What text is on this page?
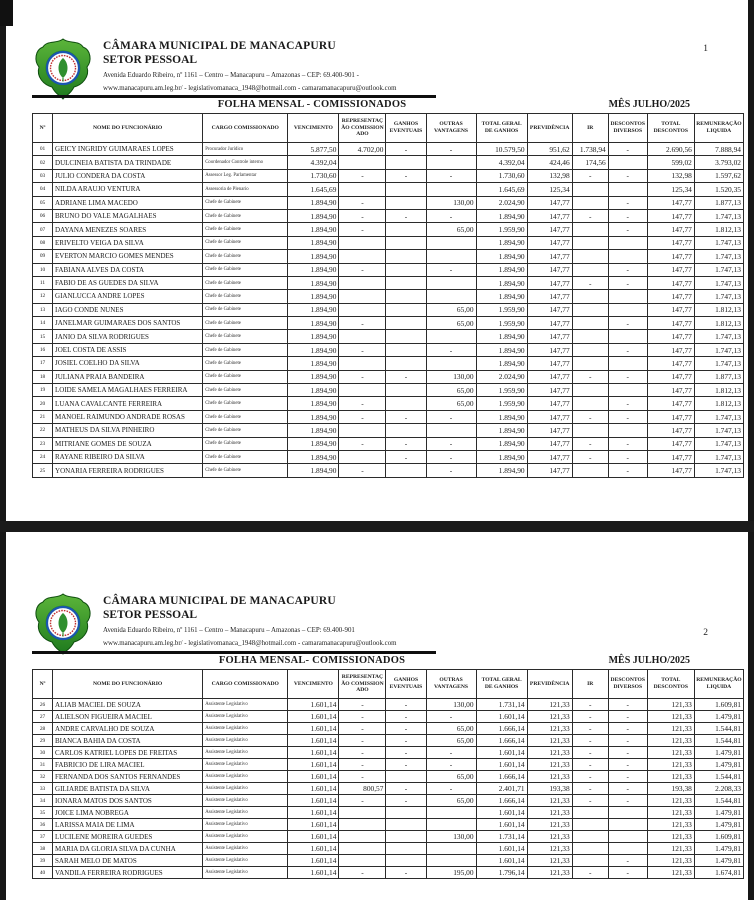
CÂMARA MUNICIPAL DE MANACAPURU
SETOR PESSOAL
Avenida Eduardo Ribeiro, nº 1161 – Centro – Manacapuru – Amazonas – CEP: 69.400-901 -
www.manacapuru.am.leg.br/ - legislativomanaca_1948@hotmail.com - camaramanacapuru@outlook.com
1
FOLHA MENSAL - COMISSIONADOS	MÊS JULHO/2025
Nº	NOME DO FUNCIONÁRIO	CARGO COMISSIONADO	VENCIMENTO	REPRESENTAÇÃO COMISSIONADO	GANHOS EVENTUAIS	OUTRAS VANTAGENS	TOTAL GERAL DE GANHOS	PREVIDÊNCIA	IR	DESCONTOS DIVERSOS	TOTAL DESCONTOS	REMUNERAÇÃO LIQUIDA
01	GEICY INGRIDY GUIMARAES LOPES	Procurador Jurídico	5.877,50	4.702,00	-	-	10.579,50	951,62	1.738,94	-	2.690,56	7.888,94
02	DULCINEIA BATISTA DA TRINDADE	Coordenador Controle interno	4.392,04				4.392,04	424,46	174,56		599,02	3.793,02
03	JULIO CONDERA DA COSTA	Assessor Leg. Parlamentar	1.730,60	-	-	-	1.730,60	132,98	-	-	132,98	1.597,62
04	NILDA ARAUJO VENTURA	Assessoria de Plenario	1.645,69				1.645,69	125,34			125,34	1.520,35
05	ADRIANE LIMA MACEDO	Chefe de Gabinete	1.894,90	-		130,00	2.024,90	147,77		-	147,77	1.877,13
06	BRUNO DO VALE MAGALHAES	Chefe de Gabinete	1.894,90	-	-	-	1.894,90	147,77	-	-	147,77	1.747,13
07	DAYANA MENEZES SOARES	Chefe de Gabinete	1.894,90	-		65,00	1.959,90	147,77		-	147,77	1.812,13
08	ERIVELTO VEIGA DA SILVA	Chefe de Gabinete	1.894,90				1.894,90	147,77			147,77	1.747,13
09	EVERTON MARCIO GOMES MENDES	Chefe de Gabinete	1.894,90				1.894,90	147,77			147,77	1.747,13
10	FABIANA ALVES DA COSTA	Chefe de Gabinete	1.894,90	-		-	1.894,90	147,77		-	147,77	1.747,13
11	FABIO DE AS GUEDES DA SILVA	Chefe de Gabinete	1.894,90				1.894,90	147,77	-	-	147,77	1.747,13
12	GIANLUCCA ANDRE LOPES	Chefe de Gabinete	1.894,90				1.894,90	147,77			147,77	1.747,13
13	IAGO CONDE NUNES	Chefe de Gabinete	1.894,90			65,00	1.959,90	147,77			147,77	1.812,13
14	JANELMAR GUIMARAES DOS SANTOS	Chefe de Gabinete	1.894,90	-		65,00	1.959,90	147,77		-	147,77	1.812,13
15	JANIO DA SILVA RODRIGUES	Chefe de Gabinete	1.894,90				1.894,90	147,77			147,77	1.747,13
16	JOEL COSTA DE ASSIS	Chefe de Gabinete	1.894,90	-		-	1.894,90	147,77		-	147,77	1.747,13
17	JOSIEL COELHO DA SILVA	Chefe de Gabinete	1.894,90				1.894,90	147,77			147,77	1.747,13
18	JULIANA PRAIA BANDEIRA	Chefe de Gabinete	1.894,90	-	-	130,00	2.024,90	147,77	-	-	147,77	1.877,13
19	LOIDE SAMELA MAGALHAES FERREIRA	Chefe de Gabinete	1.894,90			65,00	1.959,90	147,77			147,77	1.812,13
20	LUANA CAVALCANTE FERREIRA	Chefe de Gabinete	1.894,90	-		65,00	1.959,90	147,77		-	147,77	1.812,13
21	MANOEL RAIMUNDO ANDRADE ROSAS	Chefe de Gabinete	1.894,90	-	-	-	1.894,90	147,77	-	-	147,77	1.747,13
22	MATHEUS DA SILVA PINHEIRO	Chefe de Gabinete	1.894,90				1.894,90	147,77			147,77	1.747,13
23	MITRIANE GOMES DE SOUZA	Chefe de Gabinete	1.894,90	-	-	-	1.894,90	147,77	-	-	147,77	1.747,13
24	RAYANE RIBEIRO DA SILVA	Chefe de Gabinete	1.894,90		-	-	1.894,90	147,77	-	-	147,77	1.747,13
25	YONARIA FERREIRA RODRIGUES	Chefe de Gabinete	1.894,90	-		-	1.894,90	147,77		-	147,77	1.747,13
CÂMARA MUNICIPAL DE MANACAPURU
SETOR PESSOAL
Avenida Eduardo Ribeiro, nº 1161 – Centro – Manacapuru – Amazonas – CEP: 69.400-901
www.manacapuru.am.leg.br/ - legislativomanaca_1948@hotmail.com - camaramanacapuru@outlook.com
2
FOLHA MENSAL- COMISSIONADOS	MÊS JULHO/2025
Nº	NOME DO FUNCIONÁRIO	CARGO COMISSIONADO	VENCIMENTO	REPRESENTAÇÃO COMISSIONADO	GANHOS EVENTUAIS	OUTRAS VANTAGENS	TOTAL GERAL DE GANHOS	PREVIDÊNCIA	IR	DESCONTOS DIVERSOS	TOTAL DESCONTOS	REMUNERAÇÃO LIQUIDA
26	ALIAB MACIEL DE SOUZA	Assistente Legislativo	1.601,14	-	-	130,00	1.731,14	121,33	-	-	121,33	1.609,81
27	ALIELSON FIGUEIRA MACIEL	Assistente Legislativo	1.601,14	-	-	-	1.601,14	121,33	-	-	121,33	1.479,81
28	ANDRE CARVALHO DE SOUZA	Assistente Legislativo	1.601,14	-	-	65,00	1.666,14	121,33	-	-	121,33	1.544,81
29	BIANCA BAHIA DA COSTA	Assistente Legislativo	1.601,14	-	-	65,00	1.666,14	121,33	-	-	121,33	1.544,81
30	CARLOS KATRIEL LOPES DE FREITAS	Assistente Legislativo	1.601,14	-	-	-	1.601,14	121,33	-	-	121,33	1.479,81
31	FABRICIO DE LIRA MACIEL	Assistente Legislativo	1.601,14	-	-	-	1.601,14	121,33	-	-	121,33	1.479,81
32	FERNANDA DOS SANTOS FERNANDES	Assistente Legislativo	1.601,14	-		65,00	1.666,14	121,33	-	-	121,33	1.544,81
33	GILIARDE BATISTA DA SILVA	Assistente Legislativo	1.601,14	800,57	-	-	2.401,71	193,38	-	-	193,38	2.208,33
34	IONARA MATOS DOS SANTOS	Assistente Legislativo	1.601,14	-	-	65,00	1.666,14	121,33	-	-	121,33	1.544,81
35	JOICE LIMA NOBREGA	Assistente Legislativo	1.601,14				1.601,14	121,33			121,33	1.479,81
36	LARISSA MAIA DE LIMA	Assistente Legislativo	1.601,14				1.601,14	121,33			121,33	1.479,81
37	LUCILENE MOREIRA GUEDES	Assistente Legislativo	1.601,14			130,00	1.731,14	121,33			121,33	1.609,81
38	MARIA DA GLORIA SILVA DA CUNHA	Assistente Legislativo	1.601,14				1.601,14	121,33			121,33	1.479,81
39	SARAH MELO DE MATOS	Assistente Legislativo	1.601,14				1.601,14	121,33		-	121,33	1.479,81
40	VANDILA FERREIRA RODRIGUES	Assistente Legislativo	1.601,14	-	-	195,00	1.796,14	121,33	-	-	121,33	1.674,81
